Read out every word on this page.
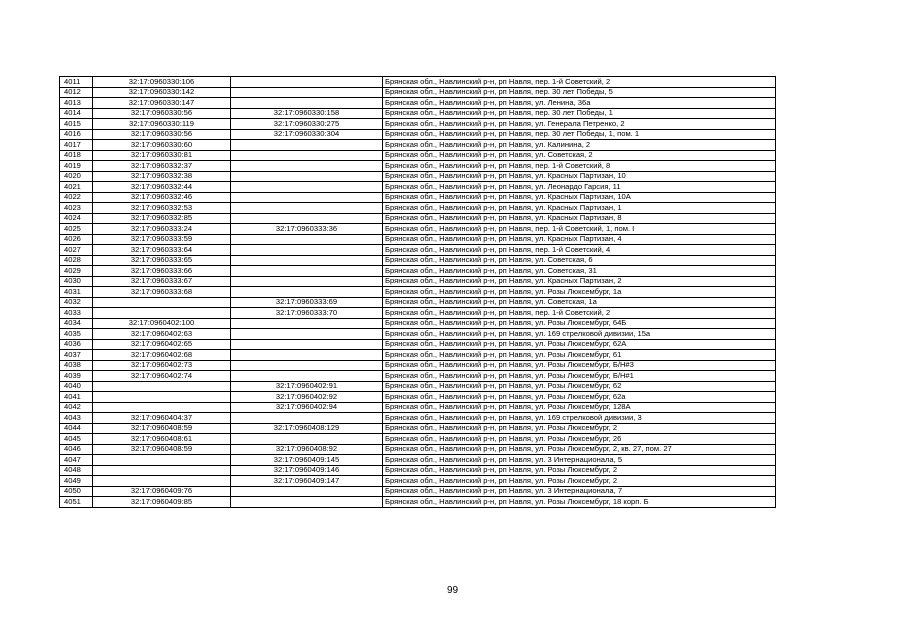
4011	32:17:0960330:106		Брянская обл., Навлинский р-н, рп Навля, пер. 1-й Советский, 2
4012	32:17:0960330:142		Брянская обл., Навлинский р-н, рп Навля, пер. 30 лет Победы, 5
4013	32:17:0960330:147		Брянская обл., Навлинский р-н, рп Навля, ул. Ленина, 36а
4014	32:17:0960330:56	32:17:0960330:158	Брянская обл., Навлинский р-н, рп Навля, пер. 30 лет Победы, 1
4015	32:17:0960330:119	32:17:0960330:275	Брянская обл., Навлинский р-н, рп Навля, ул. Генерала Петренко, 2
4016	32:17:0960330:56	32:17:0960330:304	Брянская обл., Навлинский р-н, рп Навля, пер. 30 лет Победы, 1, пом. 1
4017	32:17:0960330:60		Брянская обл., Навлинский р-н, рп Навля, ул. Калинина, 2
4018	32:17:0960330:81		Брянская обл., Навлинский р-н, рп Навля, ул. Советская, 2
4019	32:17:0960332:37		Брянская обл., Навлинский р-н, рп Навля, пер. 1-й Советский, 8
4020	32:17:0960332:38		Брянская обл., Навлинский р-н, рп Навля, ул. Красных Партизан, 10
4021	32:17:0960332:44		Брянская обл., Навлинский р-н, рп Навля, ул. Леонардо Гарсия, 11
4022	32:17:0960332:46		Брянская обл., Навлинский р-н, рп Навля, ул. Красных Партизан, 10А
4023	32:17:0960332:53		Брянская обл., Навлинский р-н, рп Навля, ул. Красных Партизан, 1
4024	32:17:0960332:85		Брянская обл., Навлинский р-н, рп Навля, ул. Красных Партизан, 8
4025	32:17:0960333:24	32:17:0960333:36	Брянская обл., Навлинский р-н, рп Навля, пер. 1-й Советский, 1, пом. I
4026	32:17:0960333:59		Брянская обл., Навлинский р-н, рп Навля, ул. Красных Партизан, 4
4027	32:17:0960333:64		Брянская обл., Навлинский р-н, рп Навля, пер. 1-й Советский, 4
4028	32:17:0960333:65		Брянская обл., Навлинский р-н, рп Навля, ул. Советская, 6
4029	32:17:0960333:66		Брянская обл., Навлинский р-н, рп Навля, ул. Советская, 31
4030	32:17:0960333:67		Брянская обл., Навлинский р-н, рп Навля, ул. Красных Партизан, 2
4031	32:17:0960333:68		Брянская обл., Навлинский р-н, рп Навля, ул. Розы Люксембург, 1а
4032		32:17:0960333:69	Брянская обл., Навлинский р-н, рп Навля, ул. Советская, 1а
4033		32:17:0960333:70	Брянская обл., Навлинский р-н, рп Навля, пер. 1-й Советский, 2
4034	32:17:0960402:100		Брянская обл., Навлинский р-н, рп Навля, ул. Розы Люксембург, 64Б
4035	32:17:0960402:63		Брянская обл., Навлинский р-н, рп Навля, ул. 169 стрелковой дивизии, 15а
4036	32:17:0960402:65		Брянская обл., Навлинский р-н, рп Навля, ул. Розы Люксембург, 62А
4037	32:17:0960402:68		Брянская обл., Навлинский р-н, рп Навля, ул. Розы Люксембург, 61
4038	32:17:0960402:73		Брянская обл., Навлинский р-н, рп Навля, ул. Розы Люксембург, Б/Н#3
4039	32:17:0960402:74		Брянская обл., Навлинский р-н, рп Навля, ул. Розы Люксембург, Б/Н#1
4040		32:17:0960402:91	Брянская обл., Навлинский р-н, рп Навля, ул. Розы Люксембург, 62
4041		32:17:0960402:92	Брянская обл., Навлинский р-н, рп Навля, ул. Розы Люксембург, 62а
4042		32:17:0960402:94	Брянская обл., Навлинский р-н, рп Навля, ул. Розы Люксембург, 128А
4043	32:17:0960404:37		Брянская обл., Навлинский р-н, рп Навля, ул. 169 стрелковой дивизии, 3
4044	32:17:0960408:59	32:17:0960408:129	Брянская обл., Навлинский р-н, рп Навля, ул. Розы Люксембург, 2
4045	32:17:0960408:61		Брянская обл., Навлинский р-н, рп Навля, ул. Розы Люксембург, 26
4046	32:17:0960408:59	32:17:0960408:92	Брянская обл., Навлинский р-н, рп Навля, ул. Розы Люксембург, 2, кв. 27, пом. 27
4047		32:17:0960409:145	Брянская обл., Навлинский р-н, рп Навля, ул. 3 Интернационала, 5
4048		32:17:0960409:146	Брянская обл., Навлинский р-н, рп Навля, ул. Розы Люксембург, 2
4049		32:17:0960409:147	Брянская обл., Навлинский р-н, рп Навля, ул. Розы Люксембург, 2
4050	32:17:0960409:76		Брянская обл., Навлинский р-н, рп Навля, ул. 3 Интернационала, 7
4051	32:17:0960409:85		Брянская обл., Навлинский р-н, рп Навля, ул. Розы Люксембург, 18 корп. Б
99
